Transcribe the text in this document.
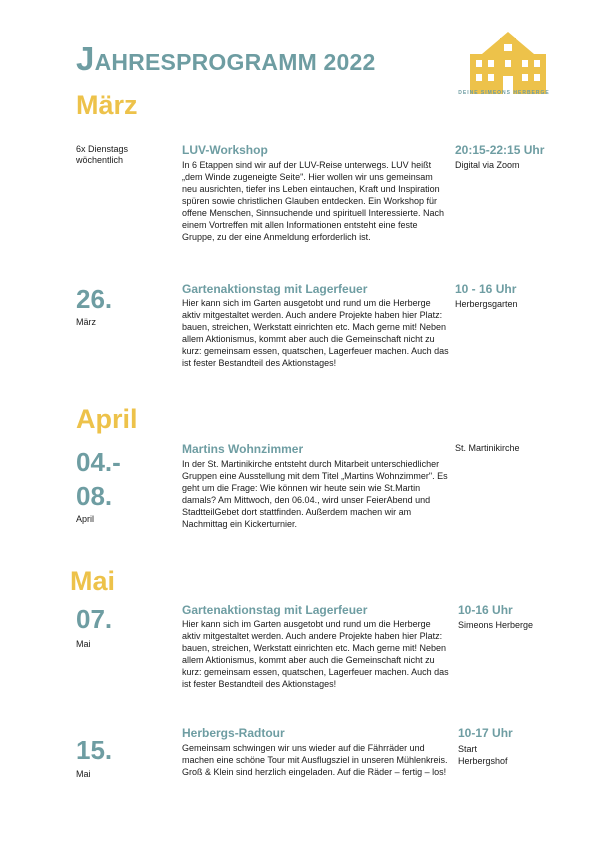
JAHRESPROGRAMM 2022
DEINE SIMEONS HERBERGE
März
6x Dienstags wöchentlich
LUV-Workshop
In 6 Etappen sind wir auf der LUV-Reise unterwegs. LUV heißt „dem Winde zugeneigte Seite". Hier wollen wir uns gemeinsam neu ausrichten, tiefer ins Leben eintauchen, Kraft und Inspiration spüren sowie christlichen Glauben entdecken. Ein Workshop für offene Menschen, Sinnsuchende und spirituell Interessierte. Nach einem Vortreffen mit allen Informationen entsteht eine feste Gruppe, zu der eine Anmeldung erforderlich ist.
20:15-22:15 Uhr
Digital via Zoom
26.
März
Gartenaktionstag mit Lagerfeuer
Hier kann sich im Garten ausgetobt und rund um die Herberge aktiv mitgestaltet werden. Auch andere Projekte haben hier Platz: bauen, streichen, Werkstatt einrichten etc. Mach gerne mit! Neben allem Aktionismus, kommt aber auch die Gemeinschaft nicht zu kurz: gemeinsam essen, quatschen, Lagerfeuer machen. Auch das ist fester Bestandteil des Aktionstages!
10 - 16 Uhr
Herbergsgarten
April
04.-
08.
April
Martins Wohnzimmer
In der St. Martinikirche entsteht durch Mitarbeit unterschiedlicher Gruppen eine Ausstellung mit dem Titel „Martins Wohnzimmer". Es geht um die Frage: Wie können wir heute sein wie St.Martin damals? Am Mittwoch, den 06.04., wird unser FeierAbend und StadtteilGebet dort stattfinden. Außerdem machen wir am Nachmittag ein Kickerturnier.
St. Martinikirche
Mai
07.
Mai
Gartenaktionstag mit Lagerfeuer
Hier kann sich im Garten ausgetobt und rund um die Herberge aktiv mitgestaltet werden. Auch andere Projekte haben hier Platz: bauen, streichen, Werkstatt einrichten etc. Mach gerne mit! Neben allem Aktionismus, kommt aber auch die Gemeinschaft nicht zu kurz: gemeinsam essen, quatschen, Lagerfeuer machen. Auch das ist fester Bestandteil des Aktionstages!
10-16 Uhr
Simeons Herberge
15.
Mai
Herbergs-Radtour
Gemeinsam schwingen wir uns wieder auf die Fährräder und machen eine schöne Tour mit Ausflugsziel in unseren Mühlenkreis. Groß & Klein sind herzlich eingeladen. Auf die Räder – fertig – los!
10-17 Uhr
Start Herbergshof
